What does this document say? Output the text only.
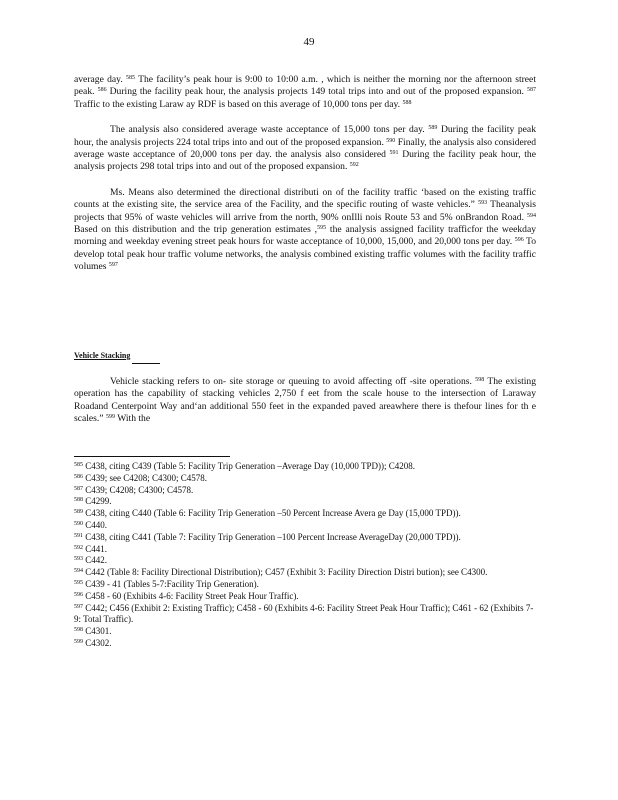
49

average day. $^{585}$ The facility’s peak hour is 9:00 to 10:00 a.m. , which is neither the morning nor the afternoon street peak. $^{586}$ During the facility peak hour, the analysis projects 149 total trips into and out of the proposed expansion. $^{587}$ Traffic to the existing Laraw ay RDF is based on this average of 10,000 tons per day. $^{588}$

The analysis also considered average waste acceptance of 15,000 tons per day. $^{589}$ During the facility peak hour, the analysis projects 224 total trips into and out of the proposed expansion. $^{590}$ Finally, the analysis also considered average waste acceptance of 20,000 tons per day. the analysis also considered $^{591}$ During the facility peak hour, the analysis projects 298 total trips into and out of the proposed expansion. $^{592}$

Ms. Means also determined the directional distributi on of the facility traffic ‘based on the existing traffic counts at the existing site, the service area of the Facility, and the specific routing of waste vehicles.” $^{593}$ Theanalysis projects that 95% of waste vehicles will arrive from the north, 90% onIlli nois Route 53 and 5% onBrandon Road. $^{594}$ Based on this distribution and the trip generation estimates ,$^{595}$ the analysis assigned facility trafficfor the weekday morning and weekday evening street peak hours for waste acceptance of 10,000, 15,000, and 20,000 tons per day. $^{596}$ To develop total peak hour traffic volume networks, the analysis combined existing traffic volumes with the facility traffic volumes $^{597}$

Vehicle Stacking

Vehicle stacking refers to on- site storage or queuing to avoid affecting off -site operations. $^{598}$ The existing operation has the capability of stacking vehicles 2,750 f eet from the scale house to the intersection of Laraway Roadand Centerpoint Way and‘an additional 550 feet in the expanded paved areawhere there is thefour lines for th e scales.” $^{599}$ With the

$^{585}$ C438, citing C439 (Table 5: Facility Trip Generation –Average Day (10,000 TPD)); C4208.

$^{586}$ C439; see C4208; C4300; C4578.

$^{587}$ C439; C4208; C4300; C4578.

$^{588}$ C4299.

$^{589}$ C438, citing C440 (Table 6: Facility Trip Generation –50 Percent Increase Avera ge Day (15,000 TPD)).

$^{590}$ C440.

$^{591}$ C438, citing C441 (Table 7: Facility Trip Generation –100 Percent Increase AverageDay (20,000 TPD)).

$^{592}$ C441.

$^{593}$ C442.

$^{594}$ C442 (Table 8: Facility Directional Distribution); C457 (Exhibit 3: Facility Direction Distri bution); see C4300.

$^{595}$ C439 - 41 (Tables 5-7:Facility Trip Generation).

$^{596}$ C458 - 60 (Exhibits 4-6: Facility Street Peak Hour Traffic).

$^{597}$ C442; C456 (Exhibit 2: Existing Traffic); C458 - 60 (Exhibits 4-6: Facility Street Peak Hour Traffic); C461 - 62 (Exhibits 7-9: Total Traffic).

$^{598}$ C4301.

$^{599}$ C4302.
